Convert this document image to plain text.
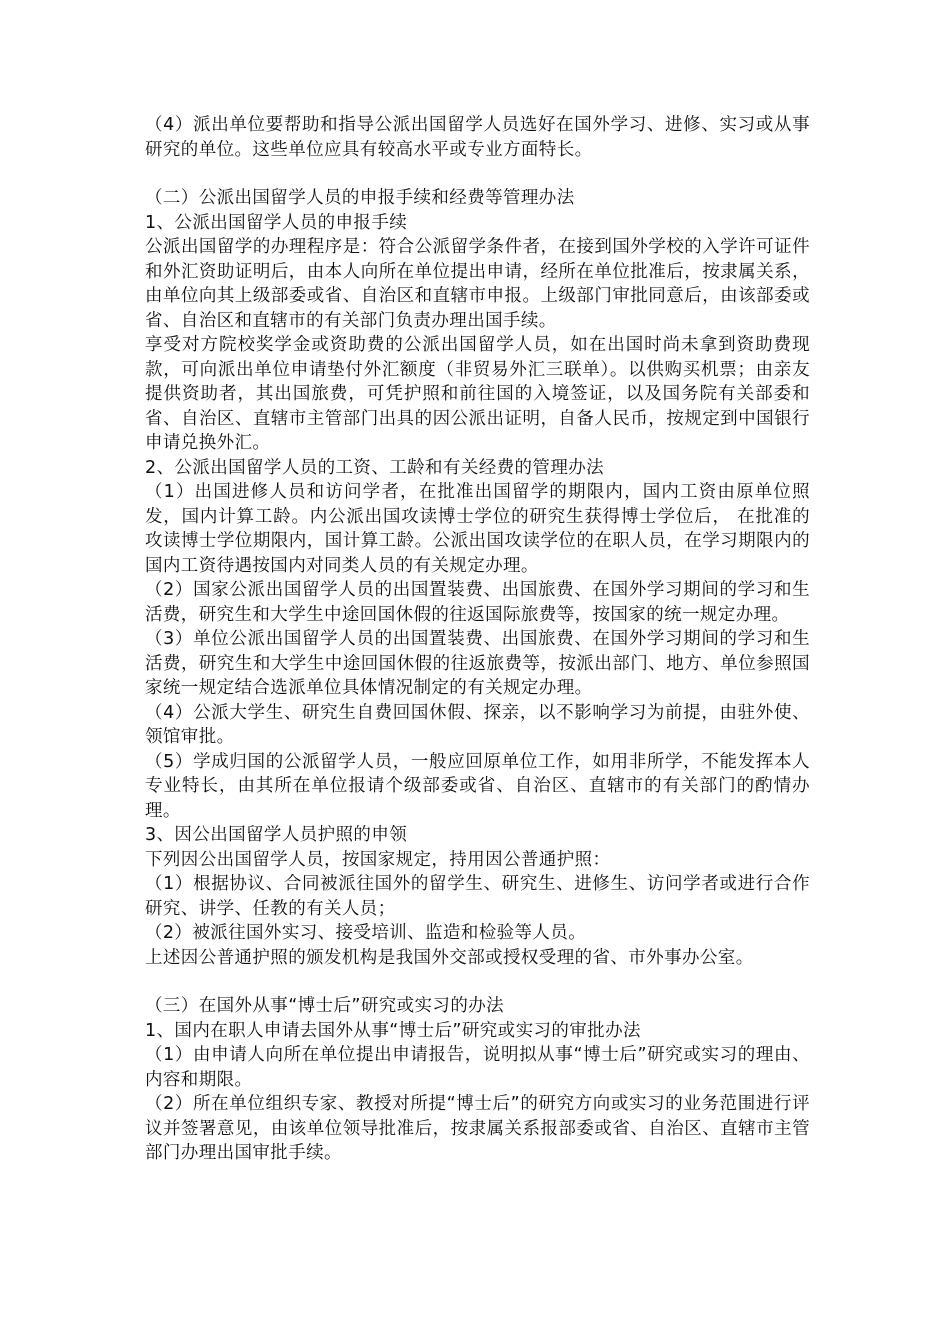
（4）派出单位要帮助和指导公派出国留学人员选好在国外学习、进修、实习或从事研究的单位。这些单位应具有较高水平或专业方面特长。

（二）公派出国留学人员的申报手续和经费等管理办法

1、公派出国留学人员的申报手续

公派出国留学的办理程序是：符合公派留学条件者，在接到国外学校的入学许可证件和外汇资助证明后，由本人向所在单位提出申请，经所在单位批准后，按隶属关系，由单位向其上级部委或省、自治区和直辖市申报。上级部门审批同意后，由该部委或省、自治区和直辖市的有关部门负责办理出国手续。

享受对方院校奖学金或资助费的公派出国留学人员，如在出国时尚未拿到资助费现款，可向派出单位申请垫付外汇额度（非贸易外汇三联单）。以供购买机票；由亲友提供资助者，其出国旅费，可凭护照和前往国的入境签证，以及国务院有关部委和省、自治区、直辖市主管部门出具的因公派出证明，自备人民币，按规定到中国银行申请兑换外汇。

2、公派出国留学人员的工资、工龄和有关经费的管理办法

（1）出国进修人员和访问学者，在批准出国留学的期限内，国内工资由原单位照发，国内计算工龄。内公派出国攻读博士学位的研究生获得博士学位后， 在批准的攻读博士学位期限内，国计算工龄。公派出国攻读学位的在职人员，在学习期限内的国内工资待遇按国内对同类人员的有关规定办理。

（2）国家公派出国留学人员的出国置装费、出国旅费、在国外学习期间的学习和生活费，研究生和大学生中途回国休假的往返国际旅费等，按国家的统一规定办理。

（3）单位公派出国留学人员的出国置装费、出国旅费、在国外学习期间的学习和生活费，研究生和大学生中途回国休假的往返旅费等，按派出部门、地方、单位参照国家统一规定结合选派单位具体情况制定的有关规定办理。

（4）公派大学生、研究生自费回国休假、探亲，以不影响学习为前提，由驻外使、领馆审批。

（5）学成归国的公派留学人员，一般应回原单位工作，如用非所学，不能发挥本人专业特长，由其所在单位报请个级部委或省、自治区、直辖市的有关部门的酌情办理。

3、因公出国留学人员护照的申领

下列因公出国留学人员，按国家规定，持用因公普通护照：

（1）根据协议、合同被派往国外的留学生、研究生、进修生、访问学者或进行合作研究、讲学、任教的有关人员；

（2）被派往国外实习、接受培训、监造和检验等人员。

上述因公普通护照的颁发机构是我国外交部或授权受理的省、市外事办公室。

（三）在国外从事“博士后”研究或实习的办法

1、国内在职人申请去国外从事“博士后”研究或实习的审批办法

（1）由申请人向所在单位提出申请报告，说明拟从事“博士后”研究或实习的理由、内容和期限。

（2）所在单位组织专家、教授对所提“博士后”的研究方向或实习的业务范围进行评议并签署意见，由该单位领导批准后，按隶属关系报部委或省、自治区、直辖市主管部门办理出国审批手续。
